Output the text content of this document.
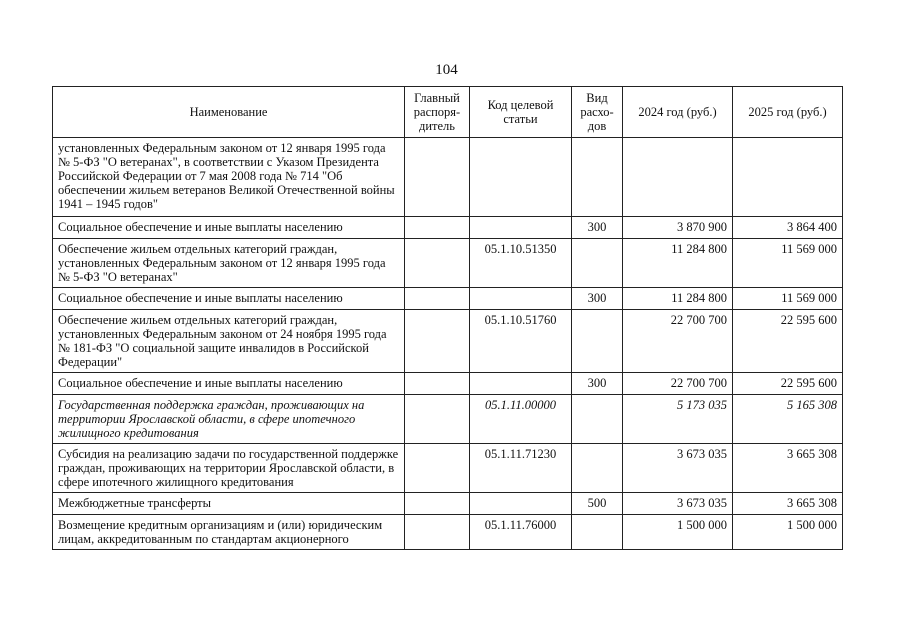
104
Наименование	Главный распоря-дитель	Код целевой статьи	Вид расхо-дов	2024 год (руб.)	2025 год (руб.)
установленных Федеральным законом от 12 января 1995 года № 5-ФЗ "О ветеранах", в соответствии с Указом Президента Российской Федерации от 7 мая 2008 года № 714 "Об обеспечении жильем ветеранов Великой Отечественной войны 1941 – 1945 годов"					
Социальное обеспечение и иные выплаты населению			300	3 870 900	3 864 400
Обеспечение жильем отдельных категорий граждан, установленных Федеральным законом от 12 января 1995 года № 5-ФЗ "О ветеранах"		05.1.10.51350		11 284 800	11 569 000
Социальное обеспечение и иные выплаты населению			300	11 284 800	11 569 000
Обеспечение жильем отдельных категорий граждан, установленных Федеральным законом от 24 ноября 1995 года № 181-ФЗ "О социальной защите инвалидов в Российской Федерации"		05.1.10.51760		22 700 700	22 595 600
Социальное обеспечение и иные выплаты населению			300	22 700 700	22 595 600
Государственная поддержка граждан, проживающих на территории Ярославской области, в сфере ипотечного жилищного кредитования		05.1.11.00000		5 173 035	5 165 308
Субсидия на реализацию задачи по государственной поддержке граждан, проживающих на территории Ярославской области, в сфере ипотечного жилищного кредитования		05.1.11.71230		3 673 035	3 665 308
Межбюджетные трансферты			500	3 673 035	3 665 308
Возмещение кредитным организациям и (или) юридическим лицам, аккредитованным по стандартам акционерного		05.1.11.76000		1 500 000	1 500 000
